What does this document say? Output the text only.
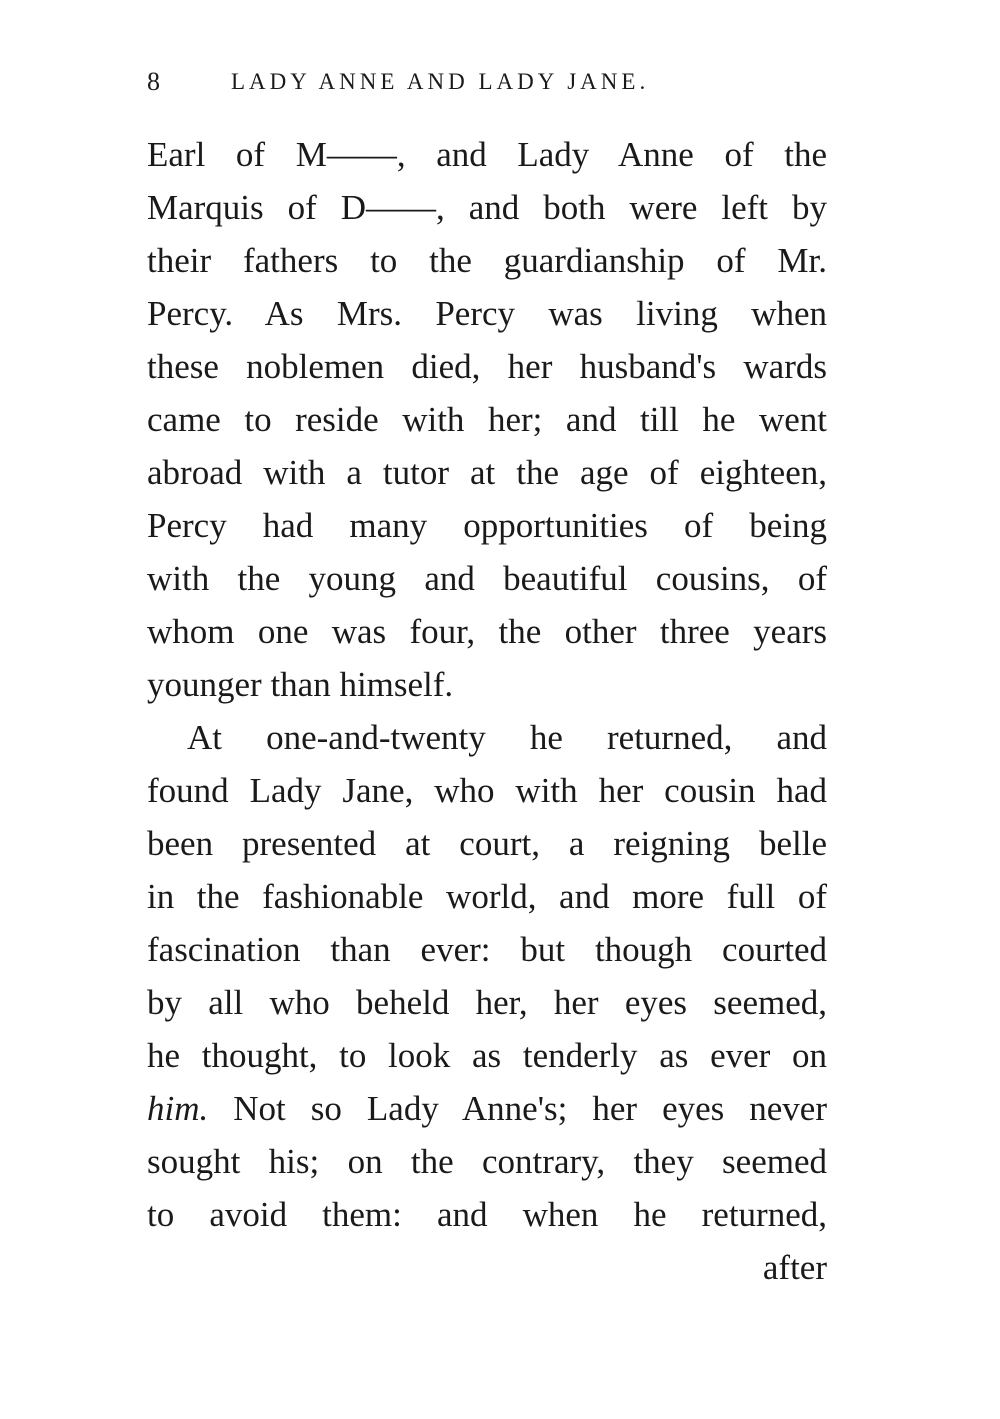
8	LADY ANNE AND LADY JANE.
Earl of M——, and Lady Anne of the
Marquis of D——, and both were left by
their fathers to the guardianship of Mr.
Percy. As Mrs. Percy was living when
these noblemen died, her husband's wards
came to reside with her; and till he went
abroad with a tutor at the age of eighteen,
Percy had many opportunities of being
with the young and beautiful cousins, of
whom one was four, the other three years
younger than himself.
At one-and-twenty he returned, and
found Lady Jane, who with her cousin had
been presented at court, a reigning belle
in the fashionable world, and more full of
fascination than ever: but though courted
by all who beheld her, her eyes seemed,
he thought, to look as tenderly as ever on
him. Not so Lady Anne's; her eyes never
sought his; on the contrary, they seemed
to avoid them: and when he returned,
after
